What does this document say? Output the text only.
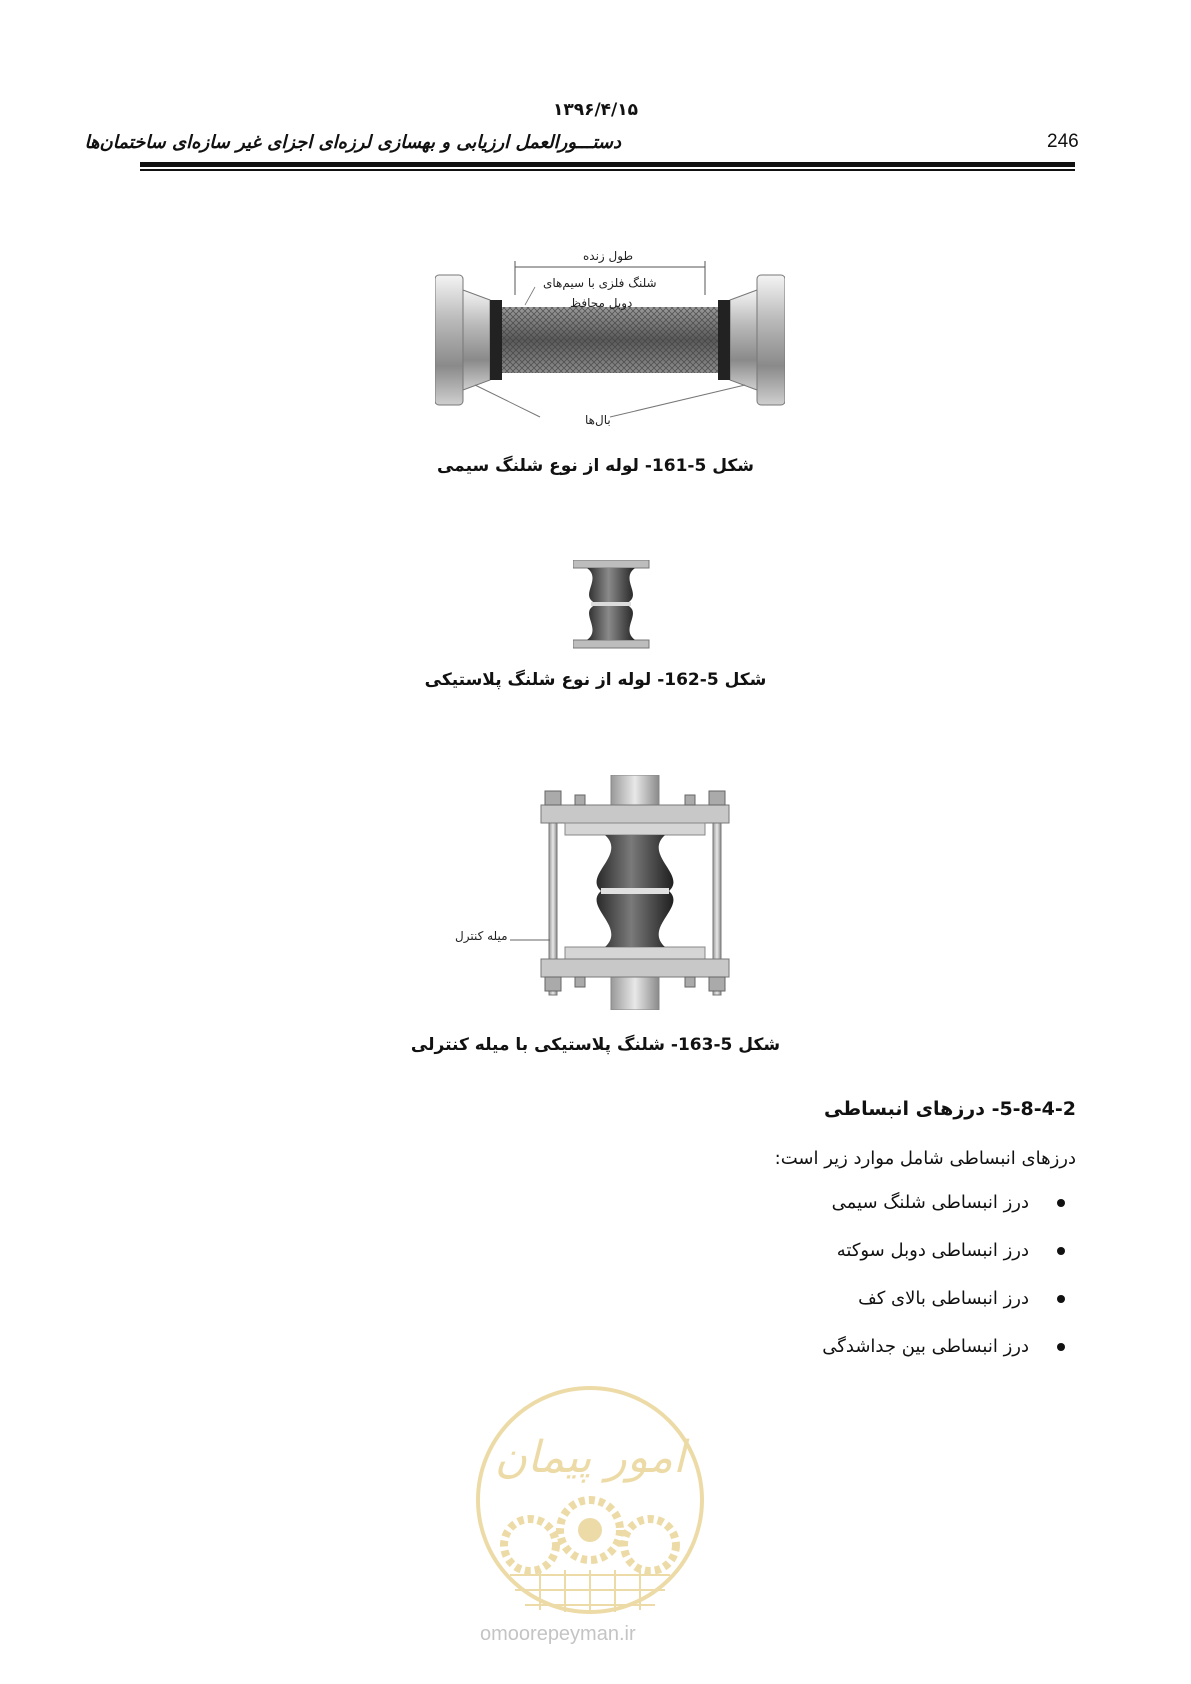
۱۳۹۶/۴/۱۵
دستـــورالعمل ارزیابی و بهسازی لرزه‌ای اجزای غیر سازه‌ای ساختمان‌ها	246
طول زنده
شلنگ فلزی با سیم‌های
دوبل محافظ
بال‌ها
شکل 5-161- لوله از نوع شلنگ سیمی
شکل 5-162- لوله از نوع شلنگ پلاستیکی
میله کنترل
شکل 5-163- شلنگ پلاستیکی با میله کنترلی
5-8-4-2- درزهای انبساطی
درزهای انبساطی شامل موارد زیر است:
درز انبساطی شلنگ سیمی
درز انبساطی دوبل سوکته
درز انبساطی بالای کف
درز انبساطی بین جداشدگی
امور پیمان
omoorepeyman.ir
